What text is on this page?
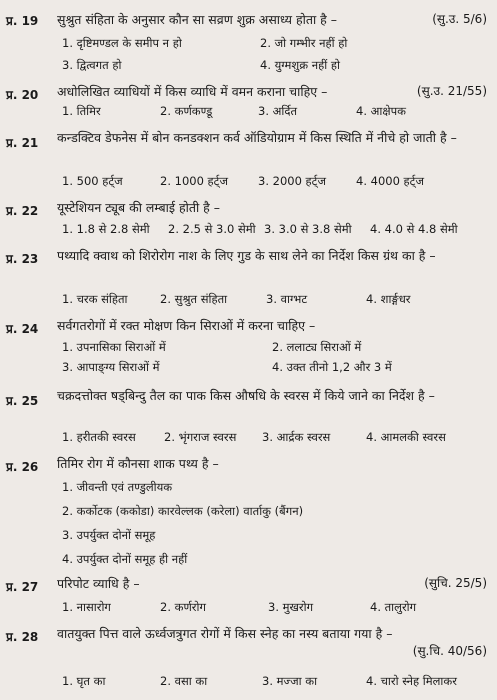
प्र. 19 सुश्रुत संहिता के अनुसार कौन सा सव्रण शुक्र असाध्य होता है –	(सु.उ. 5/6)
1. दृष्टिमण्डल के समीप न हो	2. जो गम्भीर नहीं हो
3. द्वित्वगत हो	4. युग्मशुक्र नहीं हो
प्र. 20 अधोलिखित व्याधियों में किस व्याधि में वमन कराना चाहिए –	(सु.उ. 21/55)
1. तिमिर	2. कर्णकण्डू	3. अर्दित	4. आक्षेपक
प्र. 21 कन्डक्टिव डेफनेस में बोन कनडक्शन कर्व ऑडियोग्राम में किस स्थिति में नीचे हो जाती है –
1. 500 हर्ट्ज	2. 1000 हर्ट्ज	3. 2000 हर्ट्ज	4. 4000 हर्ट्ज
प्र. 22 यूस्टेशियन ट्यूब की लम्बाई होती है –
1. 1.8 से 2.8 सेमी 2. 2.5 से 3.0 सेमी 3. 3.0 से 3.8 सेमी 4. 4.0 से 4.8 सेमी
प्र. 23 पथ्यादि क्वाथ को शिरोरोग नाश के लिए गुड के साथ लेने का निर्देश किस ग्रंथ का है –
1. चरक संहिता	2. सुश्रुत संहिता	3. वाग्भट	4. शार्ङ्गधर
प्र. 24 सर्वगतरोगों में रक्त मोक्षण किन सिराओं में करना चाहिए –
1. उपनासिका सिराओं में	2. ललाट्य सिराओं में
3. आपाङ्ग्य सिराओं में	4. उक्त तीनो 1,2 और 3 में
प्र. 25 चक्रदत्तोक्त षड्बिन्दु तैल का पाक किस औषधि के स्वरस में किये जाने का निर्देश है –
1. हरीतकी स्वरस 2. भृंगराज स्वरस 3. आर्द्रक स्वरस	4. आमलकी स्वरस
प्र. 26 तिमिर रोग में कौनसा शाक पथ्य है –
1. जीवन्ती एवं तण्डुलीयक
2. कर्कोटक (ककोडा) कारवेल्लक (करेला) वार्ताकु (बैंगन)
3. उपर्युक्त दोनों समूह
4. उपर्युक्त दोनों समूह ही नहीं
प्र. 27 परिपोट व्याधि है –	(सुचि. 25/5)
1. नासारोग	2. कर्णरोग	3. मुखरोग	4. तालुरोग
प्र. 28 वातयुक्त पित्त वाले ऊर्ध्वजत्रुगत रोगों में किस स्नेह का नस्य बताया गया है –
(सु.चि. 40/56)
1. घृत का	2. वसा का	3. मज्जा का	4. चारो स्नेह मिलाकर
